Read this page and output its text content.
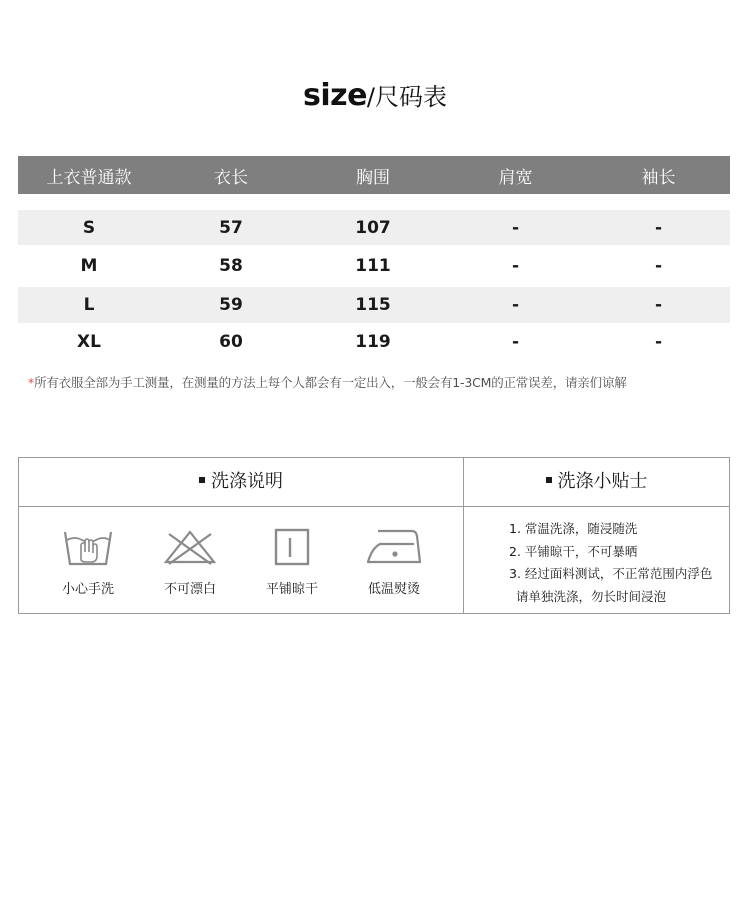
size/尺码表
上衣普通款	衣长	胸围	肩宽	袖长
S	57	107	-	-
M	58	111	-	-
L	59	115	-	-
XL	60	119	-	-
*所有衣服全部为手工测量，在测量的方法上每个人都会有一定出入，一般会有1-3CM的正常误差，请亲们谅解
洗涤说明	洗涤小贴士
小心手洗	不可漂白	平铺晾干	低温熨烫
1. 常温洗涤，随浸随洗
2. 平铺晾干，不可暴晒
3. 经过面料测试，不正常范围内浮色
请单独洗涤，勿长时间浸泡
